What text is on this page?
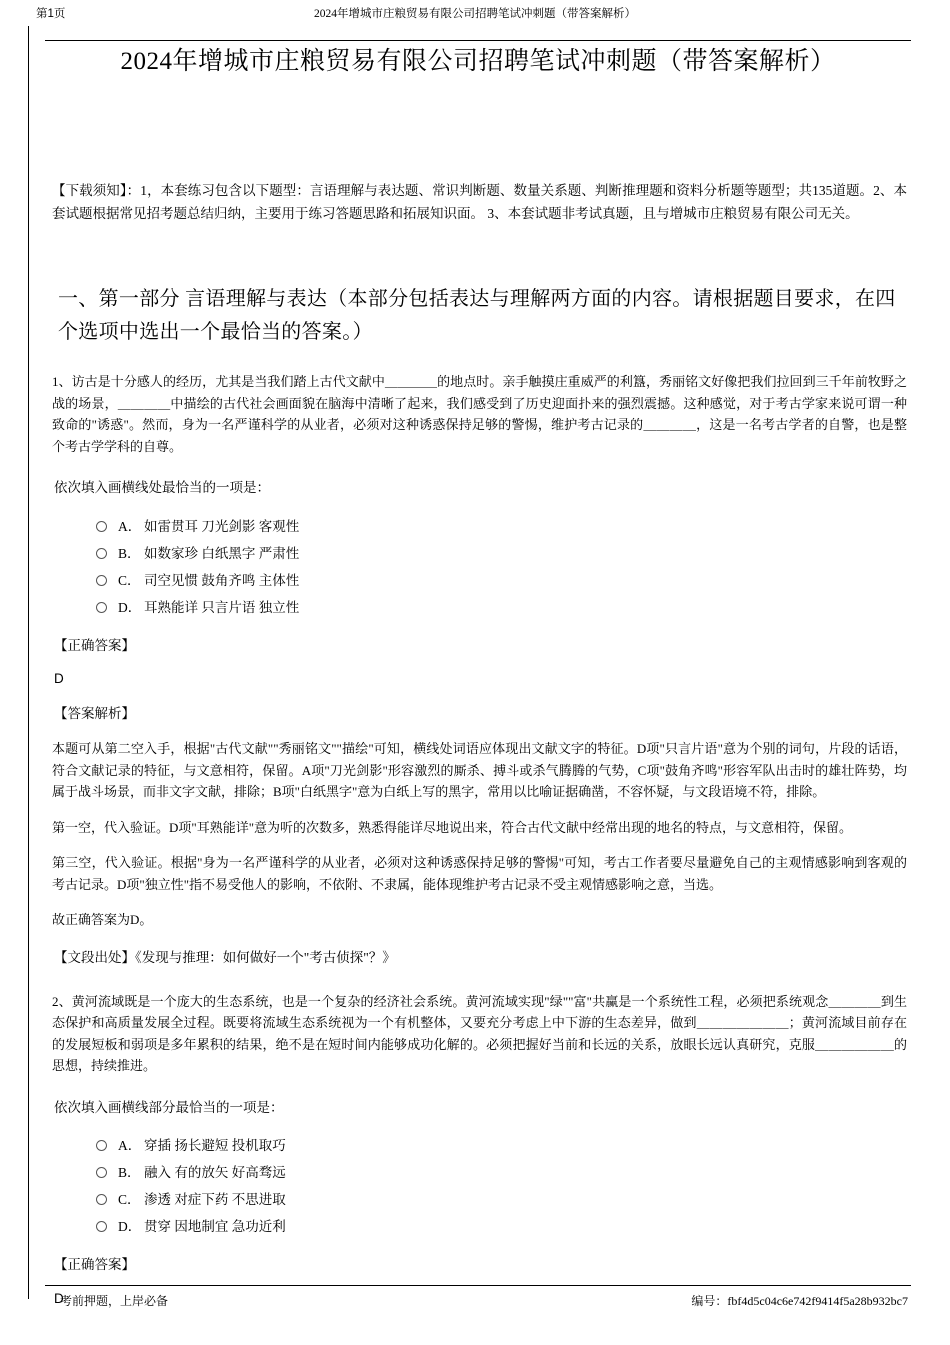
第1页	2024年增城市庄粮贸易有限公司招聘笔试冲刺题（带答案解析）
2024年增城市庄粮贸易有限公司招聘笔试冲刺题（带答案解析）

【下载须知】：1，本套练习包含以下题型：言语理解与表达题、常识判断题、数量关系题、判断推理题和资料分析题等题型；共135道题。2、本套试题根据常见招考题总结归纳，主要用于练习答题思路和拓展知识面。 3、本套试题非考试真题，且与增城市庄粮贸易有限公司无关。

一、第一部分 言语理解与表达（本部分包括表达与理解两方面的内容。请根据题目要求，在四个选项中选出一个最恰当的答案。）

1、访古是十分感人的经历，尤其是当我们踏上古代文献中＿＿＿＿的地点时。亲手触摸庄重威严的利簋，秀丽铭文好像把我们拉回到三千年前牧野之战的场景，＿＿＿＿中描绘的古代社会画面貌在脑海中清晰了起来，我们感受到了历史迎面扑来的强烈震撼。这种感觉，对于考古学家来说可谓一种致命的"诱惑"。然而，身为一名严谨科学的从业者，必须对这种诱惑保持足够的警惕，维护考古记录的＿＿＿＿，这是一名考古学者的自警，也是整个考古学学科的自尊。

依次填入画横线处最恰当的一项是：

A． 如雷贯耳 刀光剑影 客观性
B． 如数家珍 白纸黑字 严肃性
C． 司空见惯 鼓角齐鸣 主体性
D． 耳熟能详 只言片语 独立性

【正确答案】

D

【答案解析】

本题可从第二空入手，根据"古代文献""秀丽铭文""描绘"可知，横线处词语应体现出文献文字的特征。D项"只言片语"意为个别的词句，片段的话语，符合文献记录的特征，与文意相符，保留。A项"刀光剑影"形容激烈的厮杀、搏斗或杀气腾腾的气势，C项"鼓角齐鸣"形容军队出击时的雄壮阵势，均属于战斗场景，而非文字文献，排除；B项"白纸黑字"意为白纸上写的黑字，常用以比喻证据确凿，不容怀疑，与文段语境不符，排除。

第一空，代入验证。D项"耳熟能详"意为听的次数多，熟悉得能详尽地说出来，符合古代文献中经常出现的地名的特点，与文意相符，保留。

第三空，代入验证。根据"身为一名严谨科学的从业者，必须对这种诱惑保持足够的警惕"可知，考古工作者要尽量避免自己的主观情感影响到客观的考古记录。D项"独立性"指不易受他人的影响，不依附、不隶属，能体现维护考古记录不受主观情感影响之意，当选。

故正确答案为D。

【文段出处】《发现与推理：如何做好一个"考古侦探"？》

2、黄河流域既是一个庞大的生态系统，也是一个复杂的经济社会系统。黄河流域实现"绿""富"共赢是一个系统性工程，必须把系统观念＿＿＿＿到生态保护和高质量发展全过程。既要将流域生态系统视为一个有机整体，又要充分考虑上中下游的生态差异，做到＿＿＿＿＿＿＿；黄河流域目前存在的发展短板和弱项是多年累积的结果，绝不是在短时间内能够成功化解的。必须把握好当前和长远的关系，放眼长远认真研究，克服＿＿＿＿＿＿的思想，持续推进。

依次填入画横线部分最恰当的一项是：

A． 穿插 扬长避短 投机取巧
B． 融入 有的放矢 好高骛远
C． 渗透 对症下药 不思进取
D． 贯穿 因地制宜 急功近利

【正确答案】

D

考前押题，上岸必备	编号：fbf4d5c04c6e742f9414f5a28b932bc7
